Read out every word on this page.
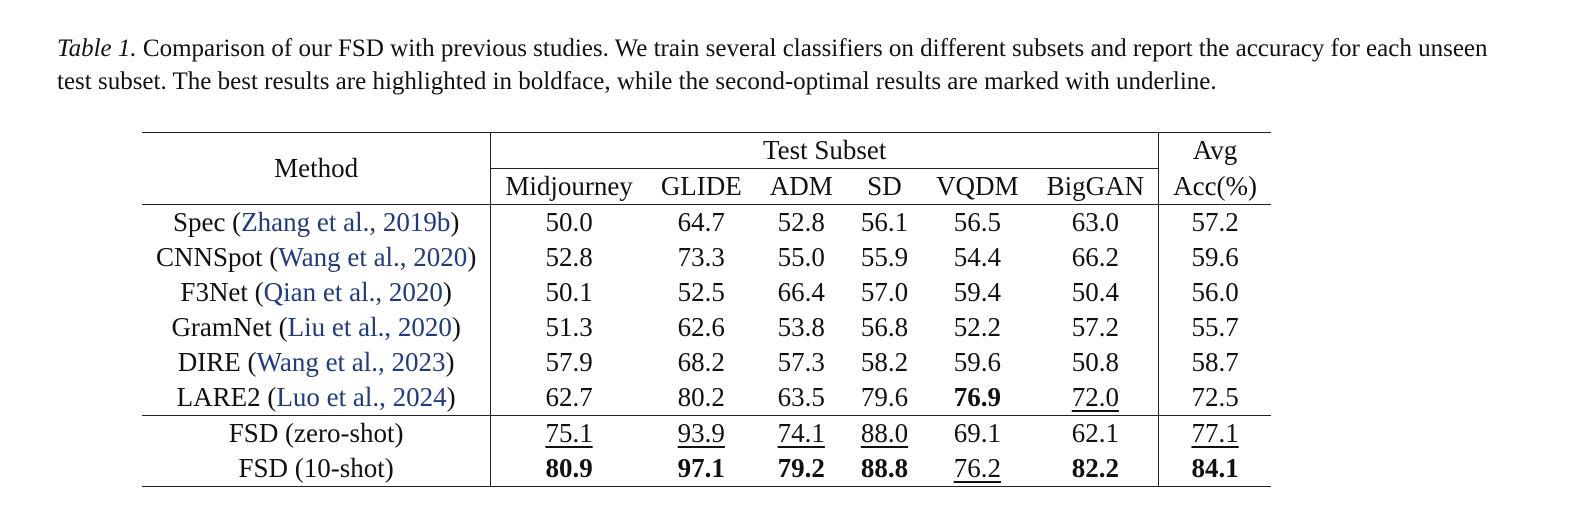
Table 1. Comparison of our FSD with previous studies. We train several classifiers on different subsets and report the accuracy for each unseen test subset. The best results are highlighted in boldface, while the second-optimal results are marked with underline.
Method	Test Subset						Avg
	Midjourney	GLIDE	ADM	SD	VQDM	BigGAN	Acc(%)
Spec (Zhang et al., 2019b)	50.0	64.7	52.8	56.1	56.5	63.0	57.2
CNNSpot (Wang et al., 2020)	52.8	73.3	55.0	55.9	54.4	66.2	59.6
F3Net (Qian et al., 2020)	50.1	52.5	66.4	57.0	59.4	50.4	56.0
GramNet (Liu et al., 2020)	51.3	62.6	53.8	56.8	52.2	57.2	55.7
DIRE (Wang et al., 2023)	57.9	68.2	57.3	58.2	59.6	50.8	58.7
LARE2 (Luo et al., 2024)	62.7	80.2	63.5	79.6	76.9	72.0	72.5
FSD (zero-shot)	75.1	93.9	74.1	88.0	69.1	62.1	77.1
FSD (10-shot)	80.9	97.1	79.2	88.8	76.2	82.2	84.1
